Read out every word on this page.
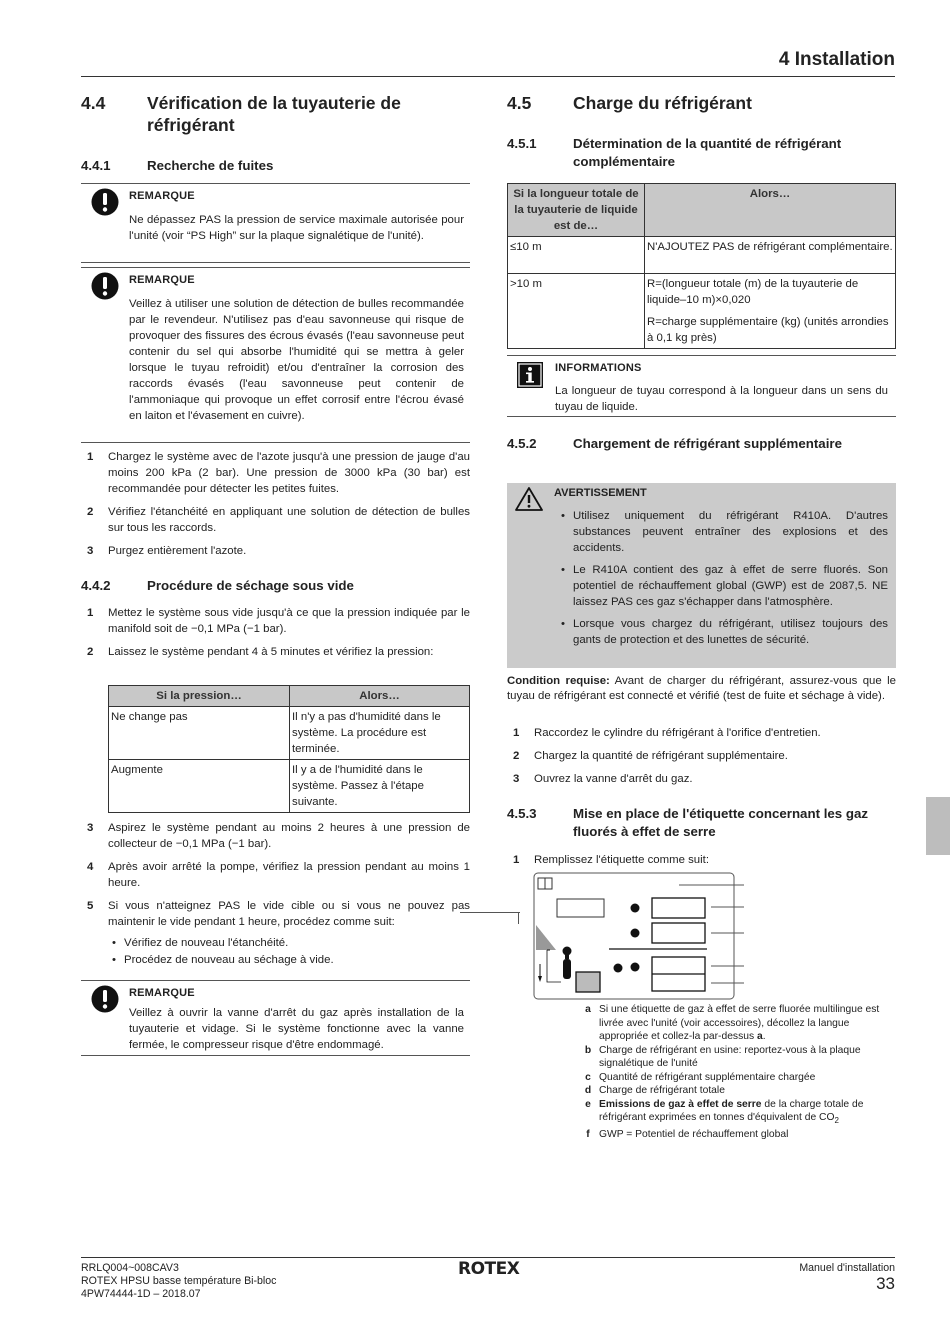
4 Installation
4.4	Vérification de la tuyauterie de réfrigérant
4.4.1	Recherche de fuites
REMARQUE
Ne dépassez PAS la pression de service maximale autorisée pour l'unité (voir “PS High” sur la plaque signalétique de l'unité).
REMARQUE
Veillez à utiliser une solution de détection de bulles recommandée par le revendeur. N'utilisez pas d'eau savonneuse qui risque de provoquer des fissures des écrous évasés (l'eau savonneuse peut contenir du sel qui absorbe l'humidité qui se mettra à geler lorsque le tuyau refroidit) et/ou d'entraîner la corrosion des raccords évasés (l'eau savonneuse peut contenir de l'ammoniaque qui provoque un effet corrosif entre l'écrou évasé en laiton et l'évasement en cuivre).
1	Chargez le système avec de l'azote jusqu'à une pression de jauge d'au moins 200 kPa (2 bar). Une pression de 3000 kPa (30 bar) est recommandée pour détecter les petites fuites.
2	Vérifiez l'étanchéité en appliquant une solution de détection de bulles sur tous les raccords.
3	Purgez entièrement l'azote.
4.4.2	Procédure de séchage sous vide
1	Mettez le système sous vide jusqu'à ce que la pression indiquée par le manifold soit de −0,1 MPa (−1 bar).
2	Laissez le système pendant 4 à 5 minutes et vérifiez la pression:
Si la pression…	Alors…
Ne change pas	Il n'y a pas d'humidité dans le système. La procédure est terminée.
Augmente	Il y a de l'humidité dans le système. Passez à l'étape suivante.
3	Aspirez le système pendant au moins 2 heures à une pression de collecteur de −0,1 MPa (−1 bar).
4	Après avoir arrêté la pompe, vérifiez la pression pendant au moins 1 heure.
5	Si vous n'atteignez PAS le vide cible ou si vous ne pouvez pas maintenir le vide pendant 1 heure, procédez comme suit:
• Vérifiez de nouveau l'étanchéité.
• Procédez de nouveau au séchage à vide.
REMARQUE
Veillez à ouvrir la vanne d'arrêt du gaz après installation de la tuyauterie et vidage. Si le système fonctionne avec la vanne fermée, le compresseur risque d'être endommagé.
4.5	Charge du réfrigérant
4.5.1	Détermination de la quantité de réfrigérant complémentaire
Si la longueur totale de la tuyauterie de liquide est de…	Alors…
≤10 m	N'AJOUTEZ PAS de réfrigérant complémentaire.
>10 m	R=(longueur totale (m) de la tuyauterie de liquide–10 m)×0,020
R=charge supplémentaire (kg) (unités arrondies à 0,1 kg près)
INFORMATIONS
La longueur de tuyau correspond à la longueur dans un sens du tuyau de liquide.
4.5.2	Chargement de réfrigérant supplémentaire
AVERTISSEMENT
• Utilisez uniquement du réfrigérant R410A. D'autres substances peuvent entraîner des explosions et des accidents.
• Le R410A contient des gaz à effet de serre fluorés. Son potentiel de réchauffement global (GWP) est de 2087,5. NE laissez PAS ces gaz s'échapper dans l'atmosphère.
• Lorsque vous chargez du réfrigérant, utilisez toujours des gants de protection et des lunettes de sécurité.
Condition requise: Avant de charger du réfrigérant, assurez-vous que le tuyau de réfrigérant est connecté et vérifié (test de fuite et séchage à vide).
1	Raccordez le cylindre du réfrigérant à l'orifice d'entretien.
2	Chargez la quantité de réfrigérant supplémentaire.
3	Ouvrez la vanne d'arrêt du gaz.
4.5.3	Mise en place de l'étiquette concernant les gaz fluorés à effet de serre
1	Remplissez l'étiquette comme suit:
a Si une étiquette de gaz à effet de serre fluorée multilingue est livrée avec l'unité (voir accessoires), décollez la langue appropriée et collez-la par-dessus a.
b Charge de réfrigérant en usine: reportez-vous à la plaque signalétique de l'unité
c Quantité de réfrigérant supplémentaire chargée
d Charge de réfrigérant totale
e Emissions de gaz à effet de serre de la charge totale de réfrigérant exprimées en tonnes d'équivalent de $CO_2$
f GWP = Potentiel de réchauffement global
RRLQ004~008CAV3
ROTEX HPSU basse température Bi-bloc
4PW74444-1D – 2018.07
ROTEX	Manuel d'installation
33
